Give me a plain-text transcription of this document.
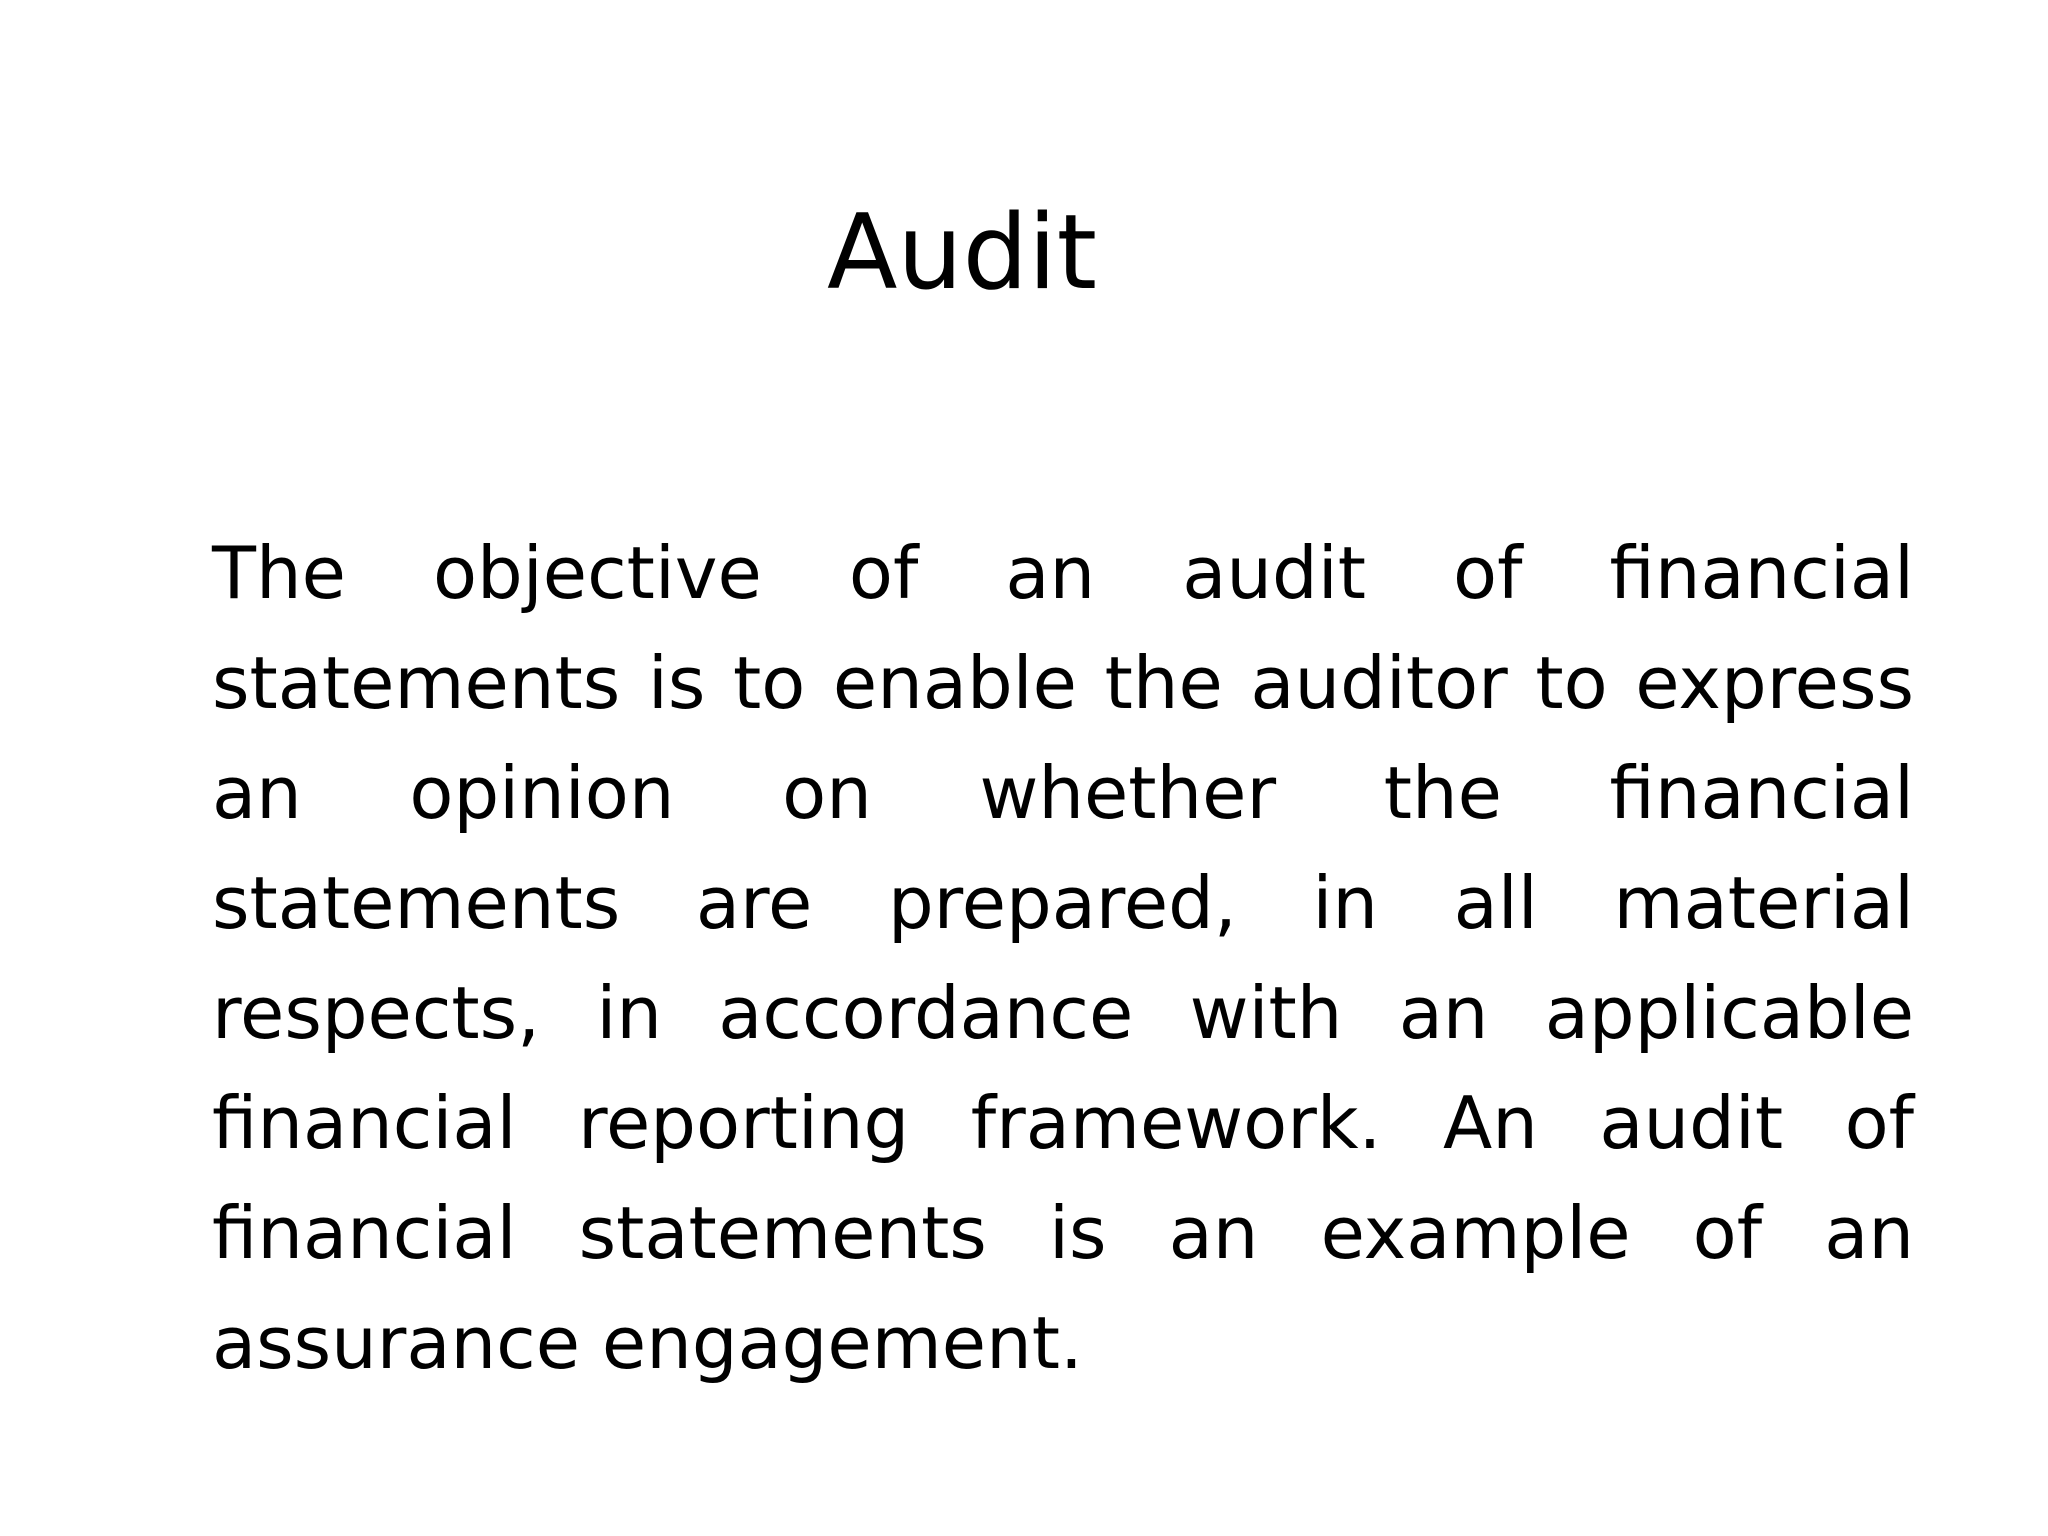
Audit

The objective of an audit of financial statements is to enable the auditor to express an opinion on whether the financial statements are prepared, in all material respects, in accordance with an applicable financial reporting framework. An audit of financial statements is an example of an assurance engagement.
